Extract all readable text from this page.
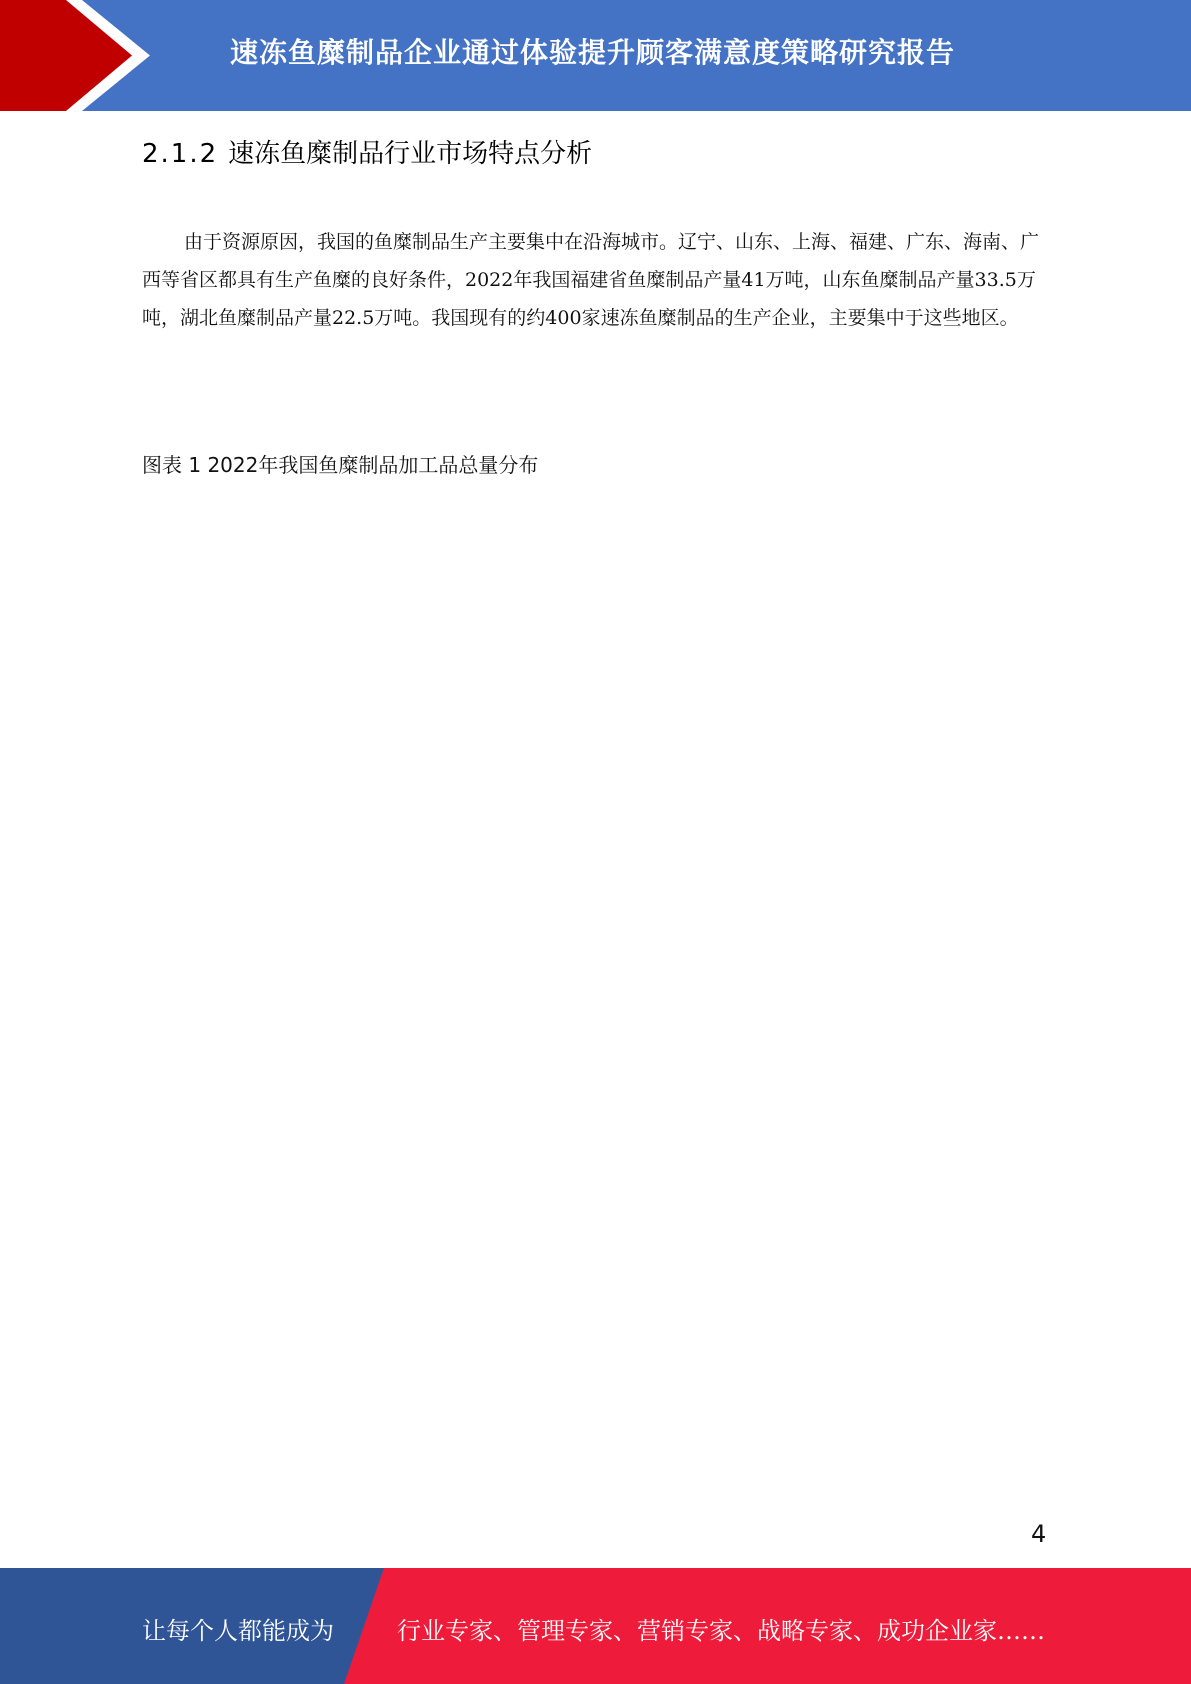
速冻鱼糜制品企业通过体验提升顾客满意度策略研究报告
2.1.2 速冻鱼糜制品行业市场特点分析

由于资源原因，我国的鱼糜制品生产主要集中在沿海城市。辽宁、山东、上海、福建、广东、海南、广西等省区都具有生产鱼糜的良好条件，2022年我国福建省鱼糜制品产量41万吨，山东鱼糜制品产量33.5万吨，湖北鱼糜制品产量22.5万吨。我国现有的约400家速冻鱼糜制品的生产企业，主要集中于这些地区。

图表 1 2022年我国鱼糜制品加工品总量分布
4
让每个人都能成为	行业专家、管理专家、营销专家、战略专家、成功企业家……
